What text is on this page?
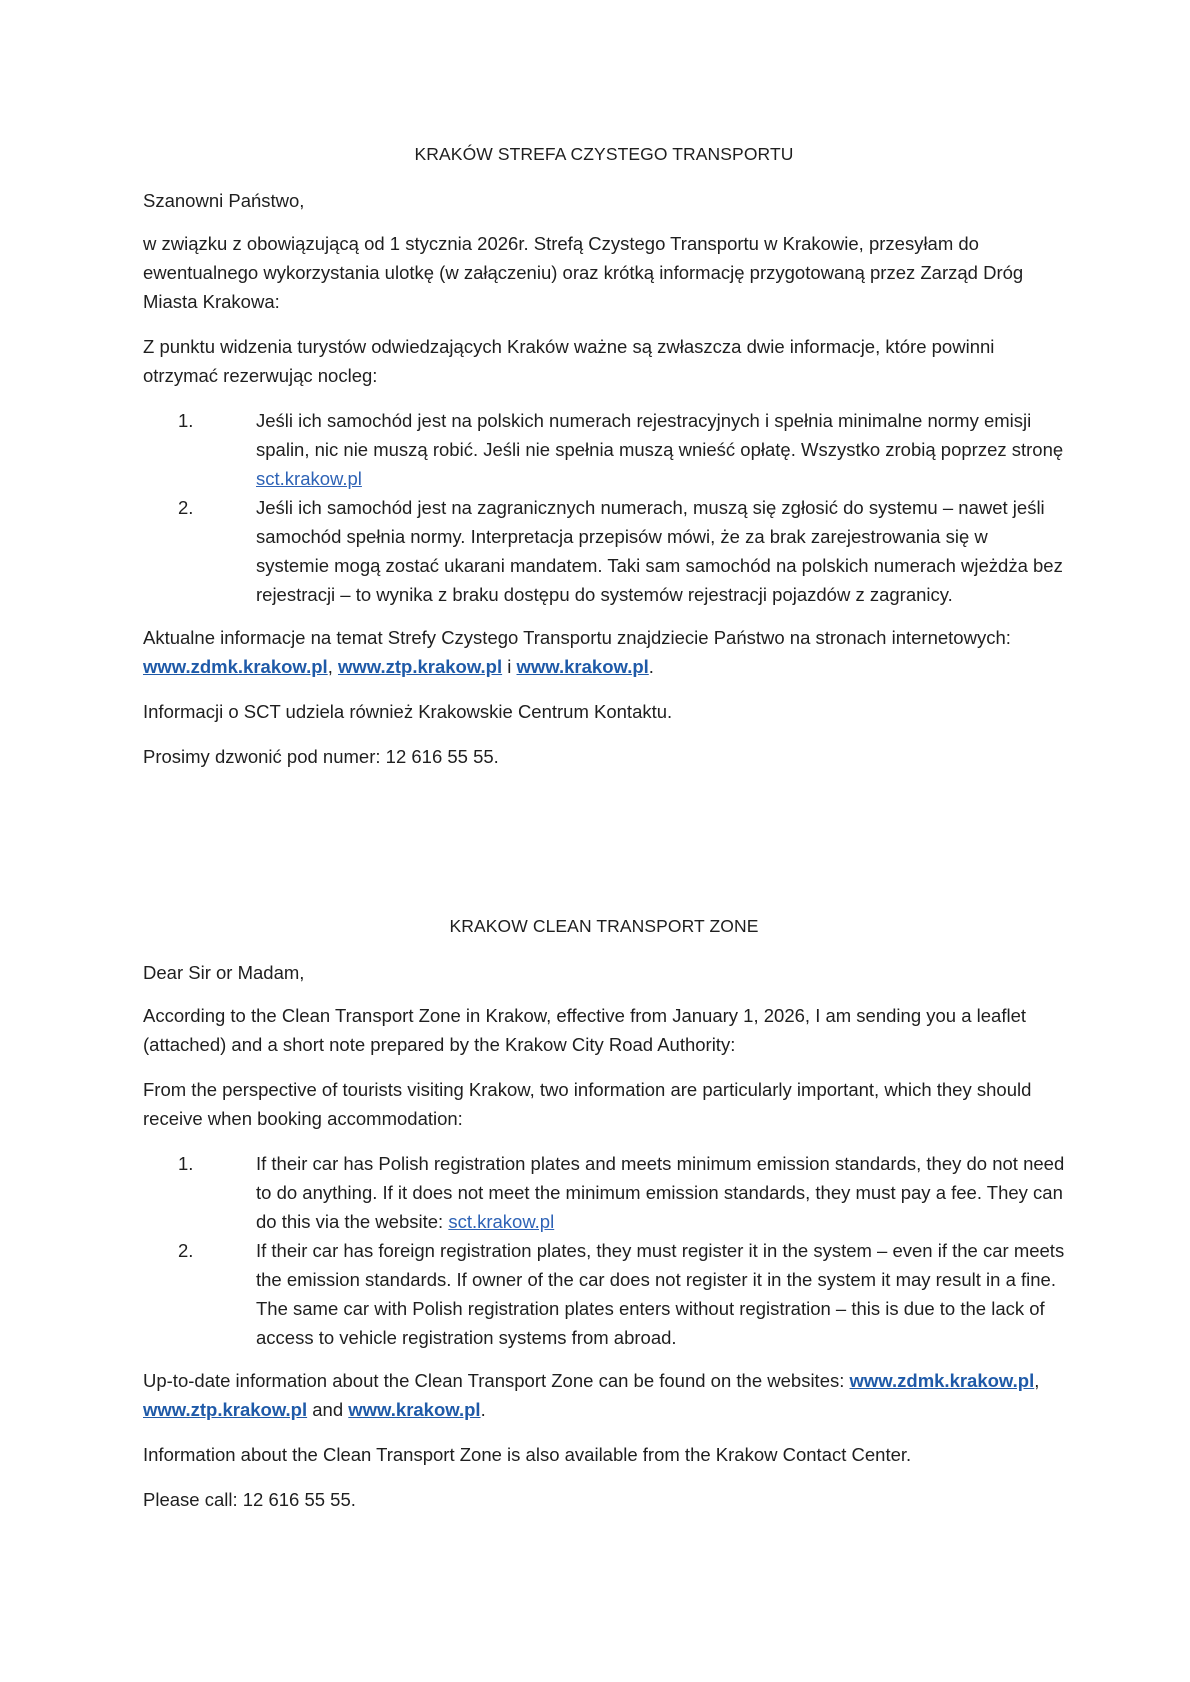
KRAKÓW STREFA CZYSTEGO TRANSPORTU

Szanowni Państwo,

w związku z obowiązującą od 1 stycznia 2026r. Strefą Czystego Transportu w Krakowie, przesyłam do ewentualnego wykorzystania ulotkę (w załączeniu) oraz krótką informację przygotowaną przez Zarząd Dróg Miasta Krakowa:

Z punktu widzenia turystów odwiedzających Kraków ważne są zwłaszcza dwie informacje, które powinni otrzymać rezerwując nocleg:

1.	Jeśli ich samochód jest na polskich numerach rejestracyjnych i spełnia minimalne normy emisji spalin, nic nie muszą robić. Jeśli nie spełnia muszą wnieść opłatę. Wszystko zrobią poprzez stronę sct.krakow.pl
2.	Jeśli ich samochód jest na zagranicznych numerach, muszą się zgłosić do systemu – nawet jeśli samochód spełnia normy. Interpretacja przepisów mówi, że za brak zarejestrowania się w systemie mogą zostać ukarani mandatem. Taki sam samochód na polskich numerach wjeżdża bez rejestracji – to wynika z braku dostępu do systemów rejestracji pojazdów z zagranicy.

Aktualne informacje na temat Strefy Czystego Transportu znajdziecie Państwo na stronach internetowych: www.zdmk.krakow.pl, www.ztp.krakow.pl i www.krakow.pl.

Informacji o SCT udziela również Krakowskie Centrum Kontaktu.

Prosimy dzwonić pod numer: 12 616 55 55.

KRAKOW CLEAN TRANSPORT ZONE

Dear Sir or Madam,

According to the Clean Transport Zone in Krakow, effective from January 1, 2026, I am sending you a leaflet (attached) and a short note prepared by the Krakow City Road Authority:

From the perspective of tourists visiting Krakow, two information are particularly important, which they should receive when booking accommodation:

1.	If their car has Polish registration plates and meets minimum emission standards, they do not need to do anything. If it does not meet the minimum emission standards, they must pay a fee. They can do this via the website: sct.krakow.pl
2.	If their car has foreign registration plates, they must register it in the system – even if the car meets the emission standards. If owner of the car does not register it in the system it may result in a fine. The same car with Polish registration plates enters without registration – this is due to the lack of access to vehicle registration systems from abroad.

Up-to-date information about the Clean Transport Zone can be found on the websites: www.zdmk.krakow.pl, www.ztp.krakow.pl and www.krakow.pl.

Information about the Clean Transport Zone is also available from the Krakow Contact Center.

Please call: 12 616 55 55.
